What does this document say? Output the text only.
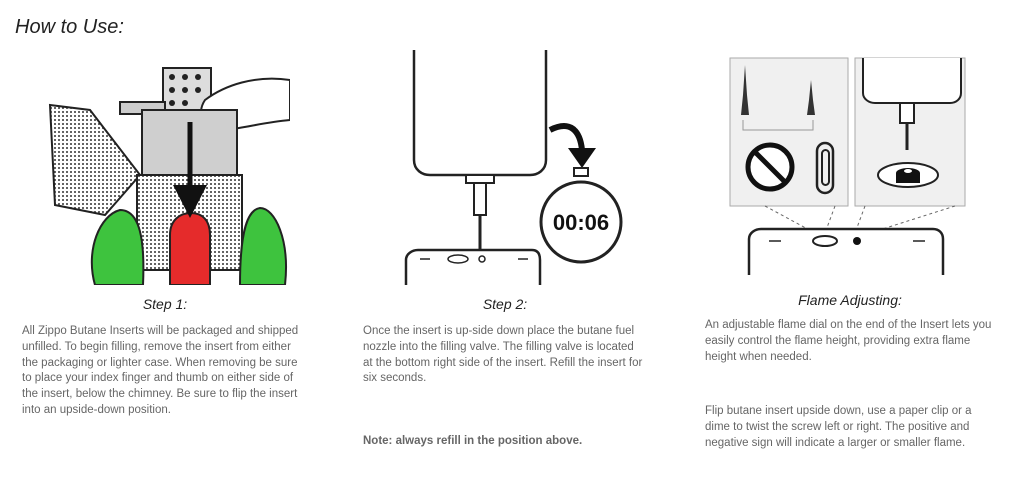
How to Use:
Step 1:
All Zippo Butane Inserts will be packaged and shipped unfilled. To begin filling, remove the insert from either the packaging or lighter case. When removing be sure to place your index finger and thumb on either side of the insert, below the chimney. Be sure to flip the insert into an upside-down position.
00:06
Step 2:
Once the insert is up-side down place the butane fuel nozzle into the filling valve. The filling valve is located at the bottom right side of the insert. Refill the insert for six seconds.
Note: always refill in the position above.
Flame Adjusting:
An adjustable flame dial on the end of the Insert lets you easily control the flame height, providing extra flame height when needed.
Flip butane insert upside down, use a paper clip or a dime to twist the screw left or right. The positive and negative sign will indicate a larger or smaller flame.
